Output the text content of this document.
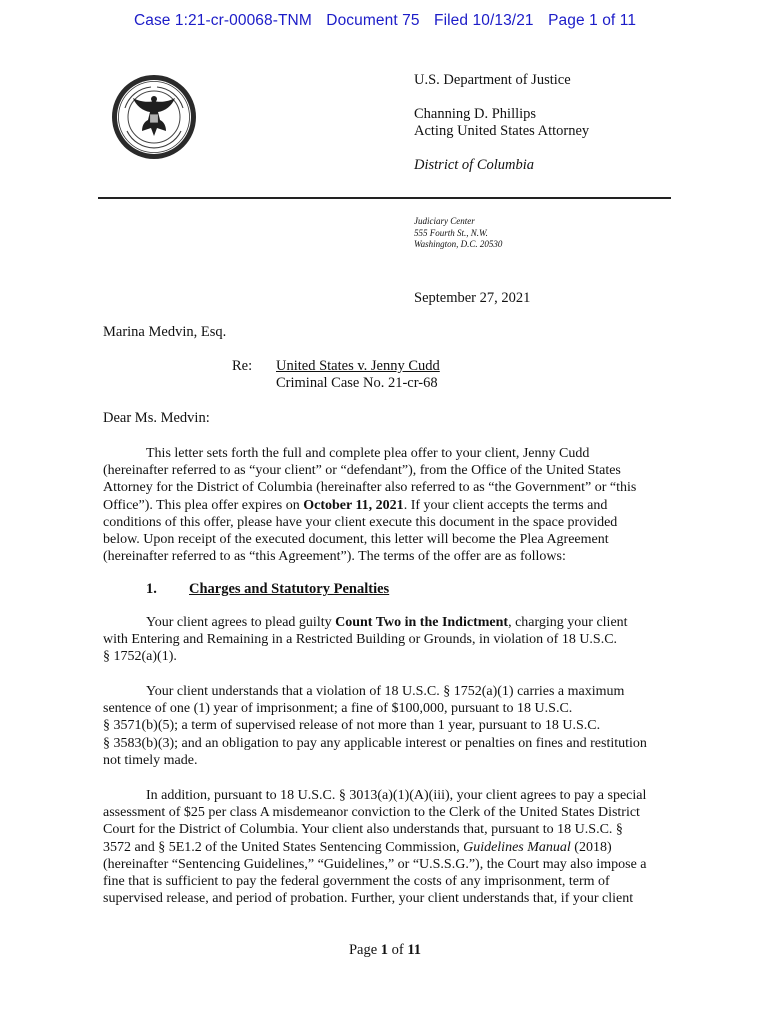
Case 1:21-cr-00068-TNM Document 75 Filed 10/13/21 Page 1 of 11
U.S. Department of Justice
Channing D. Phillips
Acting United States Attorney
District of Columbia
Judiciary Center
555 Fourth St., N.W.
Washington, D.C. 20530
September 27, 2021
Marina Medvin, Esq.
Re: United States v. Jenny Cudd
Criminal Case No. 21-cr-68
Dear Ms. Medvin:
This letter sets forth the full and complete plea offer to your client, Jenny Cudd
(hereinafter referred to as “your client” or “defendant”), from the Office of the United States
Attorney for the District of Columbia (hereinafter also referred to as “the Government” or “this
Office”). This plea offer expires on October 11, 2021. If your client accepts the terms and
conditions of this offer, please have your client execute this document in the space provided
below. Upon receipt of the executed document, this letter will become the Plea Agreement
(hereinafter referred to as “this Agreement”). The terms of the offer are as follows:
1. Charges and Statutory Penalties
Your client agrees to plead guilty Count Two in the Indictment, charging your client
with Entering and Remaining in a Restricted Building or Grounds, in violation of 18 U.S.C.
§ 1752(a)(1).
Your client understands that a violation of 18 U.S.C. § 1752(a)(1) carries a maximum
sentence of one (1) year of imprisonment; a fine of $100,000, pursuant to 18 U.S.C.
§ 3571(b)(5); a term of supervised release of not more than 1 year, pursuant to 18 U.S.C.
§ 3583(b)(3); and an obligation to pay any applicable interest or penalties on fines and restitution
not timely made.
In addition, pursuant to 18 U.S.C. § 3013(a)(1)(A)(iii), your client agrees to pay a special
assessment of $25 per class A misdemeanor conviction to the Clerk of the United States District
Court for the District of Columbia. Your client also understands that, pursuant to 18 U.S.C. §
3572 and § 5E1.2 of the United States Sentencing Commission, Guidelines Manual (2018)
(hereinafter “Sentencing Guidelines,” “Guidelines,” or “U.S.S.G.”), the Court may also impose a
fine that is sufficient to pay the federal government the costs of any imprisonment, term of
supervised release, and period of probation. Further, your client understands that, if your client
Page 1 of 11
